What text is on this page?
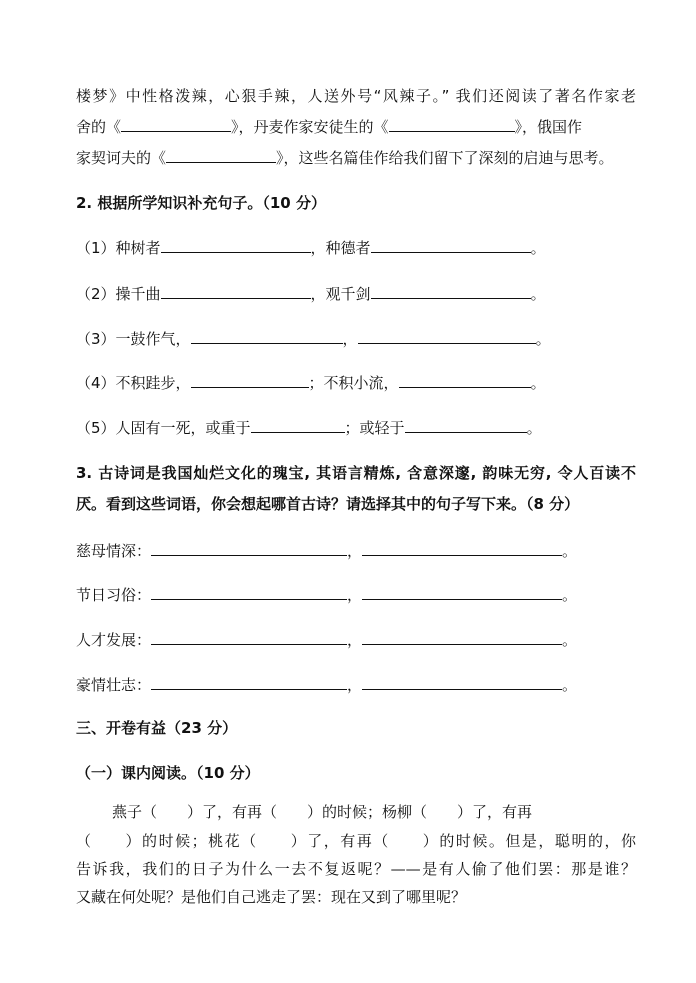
楼梦》中性格泼辣，心狠手辣，人送外号“风辣子。” 我们还阅读了著名作家老
舍的《	》，丹麦作家安徒生的《	》，俄国作
家契诃夫的《	》，这些名篇佳作给我们留下了深刻的启迪与思考。
2. 根据所学知识补充句子。（10 分）
（1）种树者	，种德者	。
（2）操千曲	，观千剑	。
（3）一鼓作气，	，	。
（4）不积跬步，	；不积小流，	。
（5）人固有一死，或重于	；或轻于	。
3. 古诗词是我国灿烂文化的瑰宝, 其语言精炼, 含意深邃, 韵味无穷, 令人百读不
厌。看到这些词语，你会想起哪首古诗？请选择其中的句子写下来。（8 分）
慈母情深：	，	。
节日习俗：	，	。
人才发展：	，	。
豪情壮志：	，	。
三、开卷有益（23 分）
（一）课内阅读。（10 分）
燕子（　　）了，有再（　　）的时候；杨柳（　　）了，有再
（　　）的时候；桃花（　　）了，有再（　　）的时候。但是，聪明的，你
告诉我，我们的日子为什么一去不复返呢？——是有人偷了他们罢：那是谁？
又藏在何处呢？是他们自己逃走了罢：现在又到了哪里呢？
